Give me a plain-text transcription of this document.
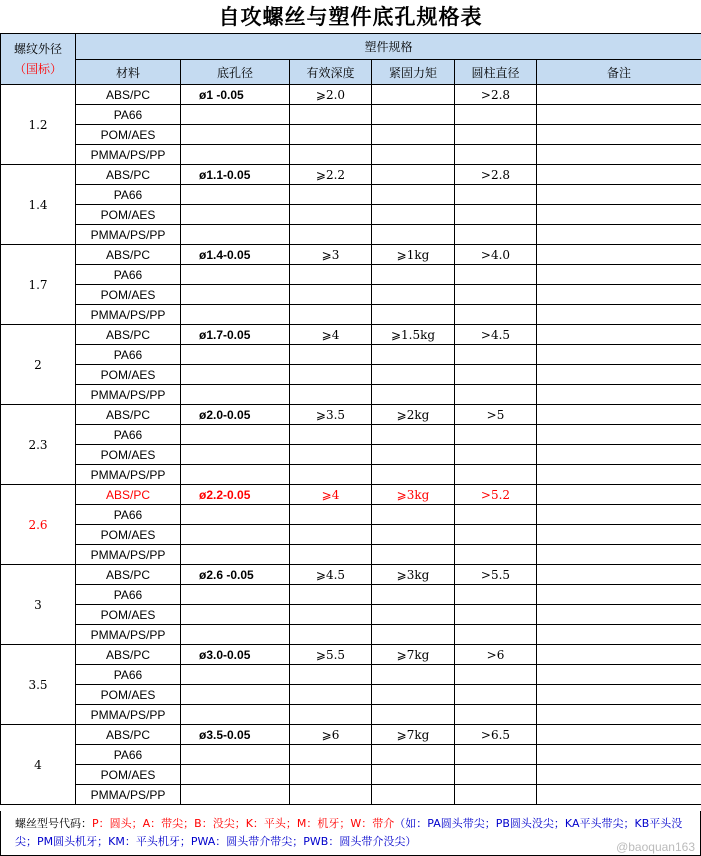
自攻螺丝与塑件底孔规格表
螺纹外径
（国标）	塑件规格					
	材料	底孔径	有效深度	紧固力矩	圆柱直径	备注
1.2	ABS/PC	ø1 -0.05	⩾2.0		>2.8	
	PA66					
	POM/AES					
	PMMA/PS/PP					
1.4	ABS/PC	ø1.1-0.05	⩾2.2		>2.8	
	PA66					
	POM/AES					
	PMMA/PS/PP					
1.7	ABS/PC	ø1.4-0.05	⩾3	⩾1kg	>4.0	
	PA66					
	POM/AES					
	PMMA/PS/PP					
2	ABS/PC	ø1.7-0.05	⩾4	⩾1.5kg	>4.5	
	PA66					
	POM/AES					
	PMMA/PS/PP					
2.3	ABS/PC	ø2.0-0.05	⩾3.5	⩾2kg	>5	
	PA66					
	POM/AES					
	PMMA/PS/PP					
2.6	ABS/PC	ø2.2-0.05	⩾4	⩾3kg	>5.2	
	PA66					
	POM/AES					
	PMMA/PS/PP					
3	ABS/PC	ø2.6 -0.05	⩾4.5	⩾3kg	>5.5	
	PA66					
	POM/AES					
	PMMA/PS/PP					
3.5	ABS/PC	ø3.0-0.05	⩾5.5	⩾7kg	>6	
	PA66					
	POM/AES					
	PMMA/PS/PP					
4	ABS/PC	ø3.5-0.05	⩾6	⩾7kg	>6.5	
	PA66					
	POM/AES					
	PMMA/PS/PP					
螺丝型号代码：P：圆头；A：带尖；B：没尖；K：平头；M：机牙；W：带介（如：PA圆头带尖；PB圆头没尖；KA平头带尖；KB平头没尖；PM圆头机牙；KM：平头机牙；PWA：圆头带介带尖；PWB：圆头带介没尖）	@baoquan163
